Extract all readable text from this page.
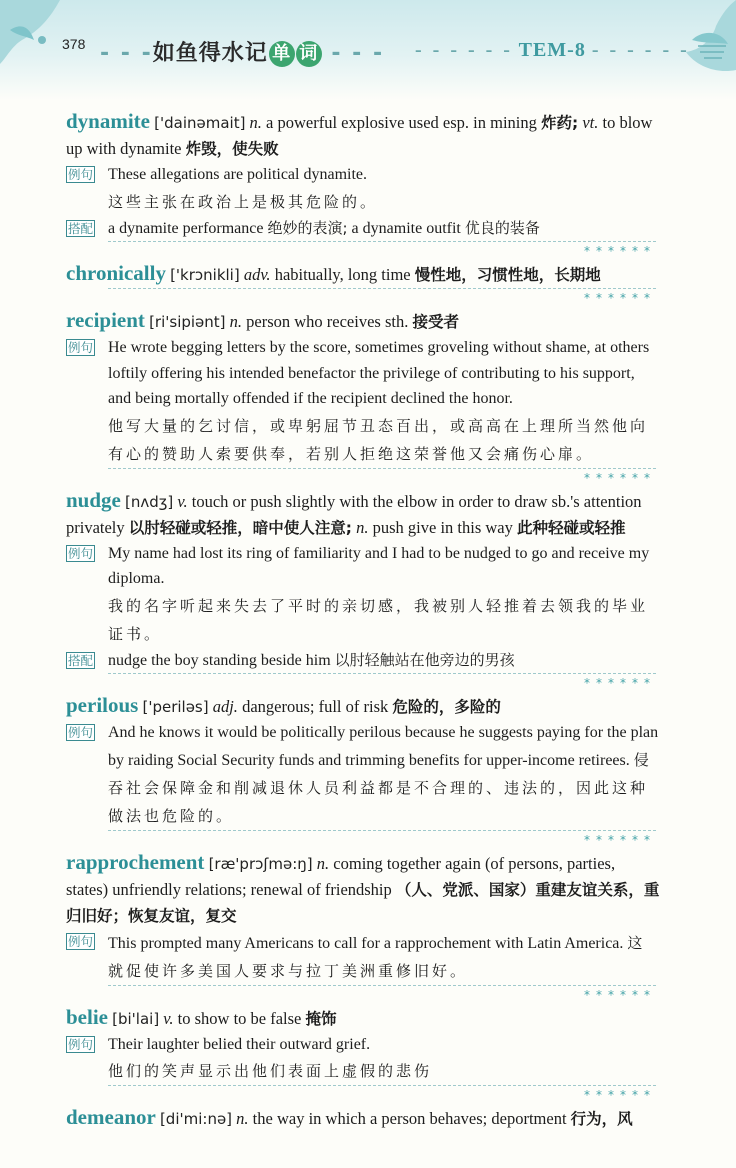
378 - - -如鱼得水记 单 词 - - - - - - - - - TEM-8 - - - - - -
dynamite ['dainəmait] n. a powerful explosive used esp. in mining 炸药; vt. to blow up with dynamite 炸毁，使失败
例句 These allegations are political dynamite.
这些主张在政治上是极其危险的。
搭配 a dynamite performance 绝妙的表演; a dynamite outfit 优良的装备
******
chronically ['krɔnikli] adv. habitually, long time 慢性地，习惯性地，长期地
******
recipient [ri'sipiənt] n. person who receives sth. 接受者
例句 He wrote begging letters by the score, sometimes groveling without shame, at others loftily offering his intended benefactor the privilege of contributing to his support, and being mortally offended if the recipient declined the honor.
他写大量的乞讨信，或卑躬屈节丑态百出，或高高在上理所当然他向有心的赞助人索要供奉，若别人拒绝这荣誉他又会痛伤心扉。
******
nudge [nʌdʒ] v. touch or push slightly with the elbow in order to draw sb.'s attention privately 以肘轻碰或轻推，暗中使人注意; n. push give in this way 此种轻碰或轻推
例句 My name had lost its ring of familiarity and I had to be nudged to go and receive my diploma.
我的名字听起来失去了平时的亲切感，我被别人轻推着去领我的毕业证书。
搭配 nudge the boy standing beside him 以肘轻触站在他旁边的男孩
******
perilous ['periləs] adj. dangerous; full of risk 危险的，多险的
例句 And he knows it would be politically perilous because he suggests paying for the plan by raiding Social Security funds and trimming benefits for upper-income retirees. 侵吞社会保障金和削减退休人员利益都是不合理的、违法的，因此这种做法也危险的。
******
rapprochement [ræ'prɔʃmə:ŋ] n. coming together again (of persons, parties, states) unfriendly relations; renewal of friendship （人、党派、国家）重建友谊关系，重归旧好；恢复友谊，复交
例句 This prompted many Americans to call for a rapprochement with Latin America. 这就促使许多美国人要求与拉丁美洲重修旧好。
******
belie [bi'lai] v. to show to be false 掩饰
例句 Their laughter belied their outward grief.
他们的笑声显示出他们表面上虚假的悲伤
******
demeanor [di'mi:nə] n. the way in which a person behaves; deportment 行为，风
